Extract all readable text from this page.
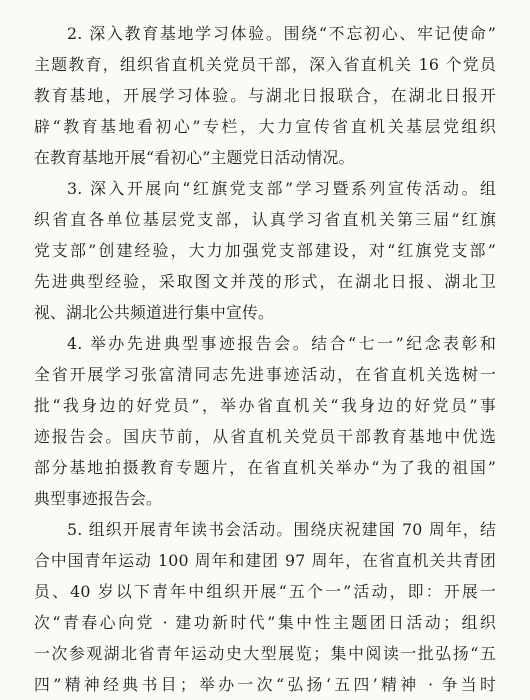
2. 深入教育基地学习体验。围绕“不忘初心、牢记使命”
主题教育，组织省直机关党员干部，深入省直机关 16 个党员
教育基地，开展学习体验。与湖北日报联合，在湖北日报开
辟“教育基地看初心”专栏，大力宣传省直机关基层党组织
在教育基地开展“看初心”主题党日活动情况。
3. 深入开展向“红旗党支部”学习暨系列宣传活动。组
织省直各单位基层党支部，认真学习省直机关第三届“红旗
党支部”创建经验，大力加强党支部建设，对“红旗党支部”
先进典型经验，采取图文并茂的形式，在湖北日报、湖北卫
视、湖北公共频道进行集中宣传。
4. 举办先进典型事迹报告会。结合“七一”纪念表彰和
全省开展学习张富清同志先进事迹活动，在省直机关选树一
批“我身边的好党员”，举办省直机关“我身边的好党员”事
迹报告会。国庆节前，从省直机关党员干部教育基地中优选
部分基地拍摄教育专题片，在省直机关举办“为了我的祖国”
典型事迹报告会。
5. 组织开展青年读书会活动。围绕庆祝建国 70 周年，结
合中国青年运动 100 周年和建团 97 周年，在省直机关共青团
员、40 岁以下青年中组织开展“五个一”活动，即：开展一
次“青春心向党 · 建功新时代”集中性主题团日活动；组织
一次参观湖北省青年运动史大型展览；集中阅读一批弘扬“五
四”精神经典书目；举办一次“弘扬‘五四’精神 · 争当时
